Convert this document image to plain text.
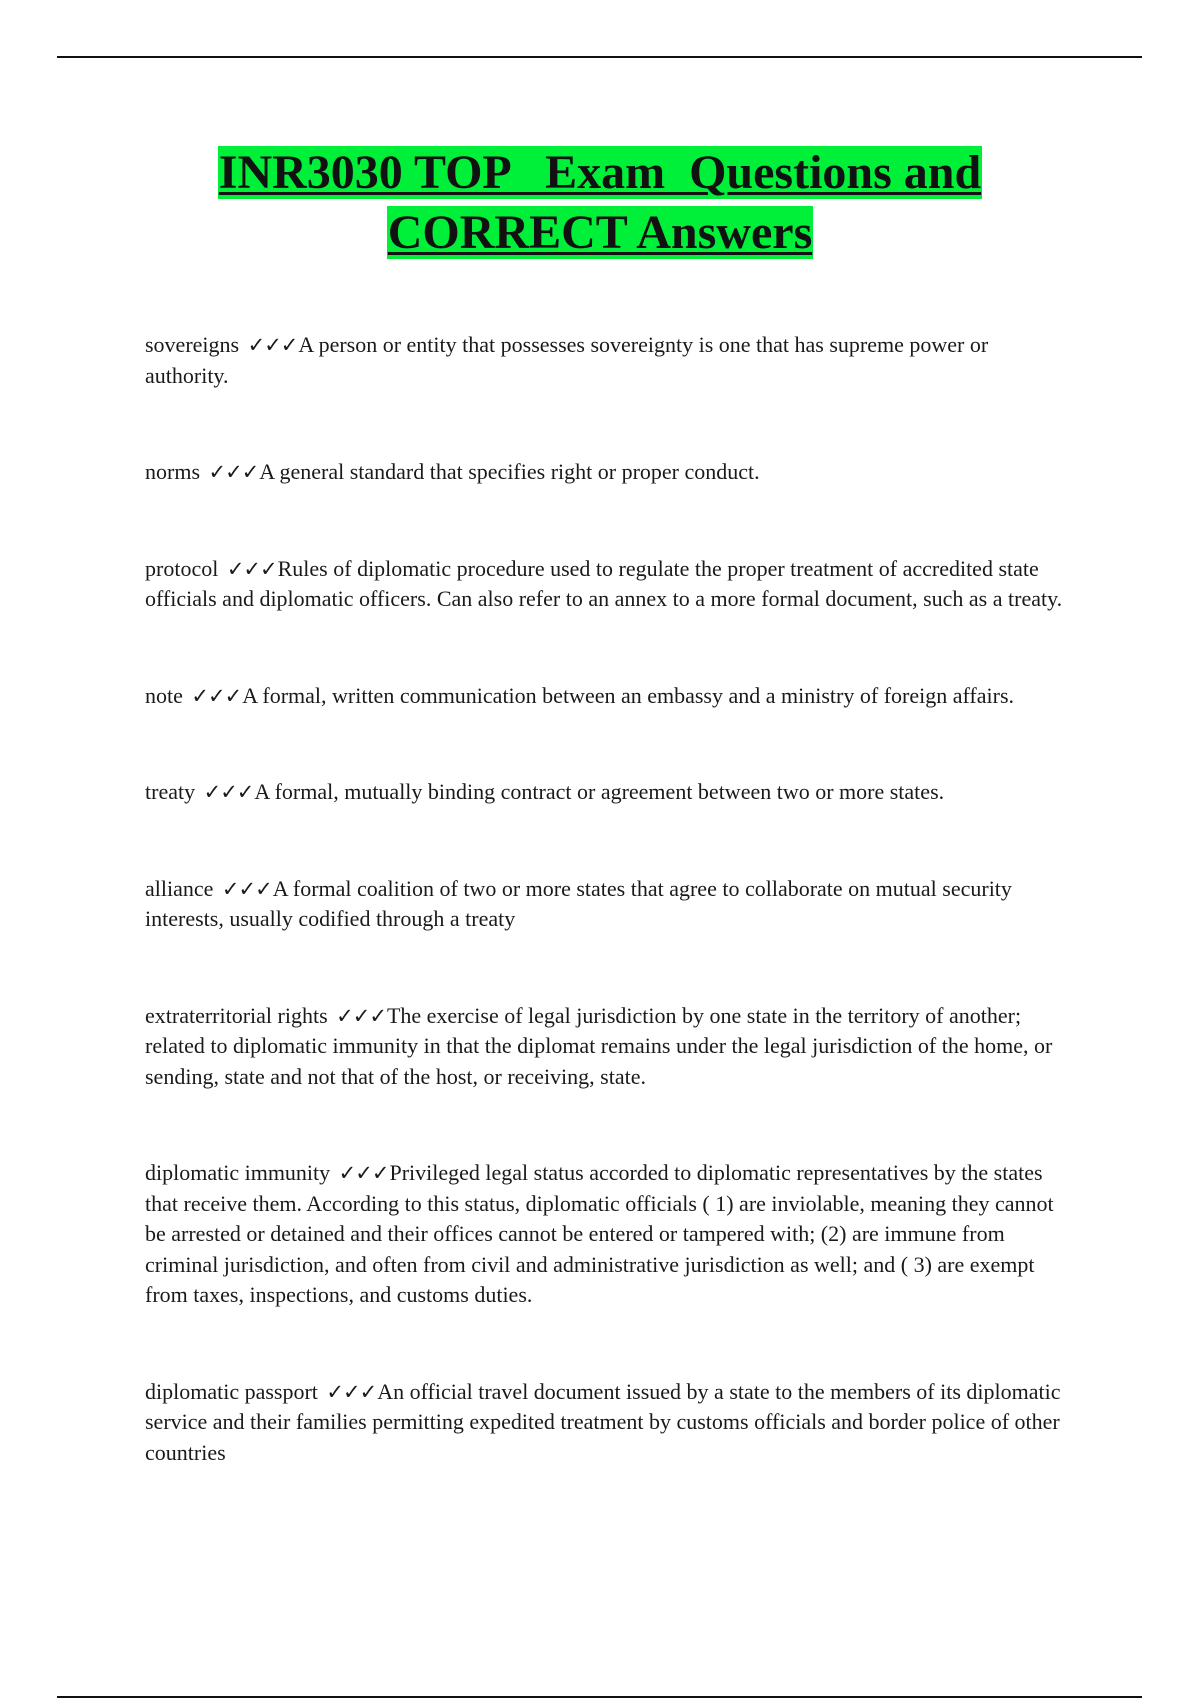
INR3030 TOP   Exam  Questions and
CORRECT Answers

sovereigns ✓✓✓A person or entity that possesses sovereignty is one that has supreme power or authority.

norms ✓✓✓A general standard that specifies right or proper conduct.

protocol ✓✓✓Rules of diplomatic procedure used to regulate the proper treatment of accredited state officials and diplomatic officers. Can also refer to an annex to a more formal document, such as a treaty.

note ✓✓✓A formal, written communication between an embassy and a ministry of foreign affairs.

treaty ✓✓✓A formal, mutually binding contract or agreement between two or more states.

alliance ✓✓✓A formal coalition of two or more states that agree to collaborate on mutual security interests, usually codified through a treaty

extraterritorial rights ✓✓✓The exercise of legal jurisdiction by one state in the territory of another; related to diplomatic immunity in that the diplomat remains under the legal jurisdiction of the home, or sending, state and not that of the host, or receiving, state.

diplomatic immunity ✓✓✓Privileged legal status accorded to diplomatic representatives by the states that receive them. According to this status, diplomatic officials ( 1) are inviolable, meaning they cannot be arrested or detained and their offices cannot be entered or tampered with; (2) are immune from criminal jurisdiction, and often from civil and administrative jurisdiction as well; and ( 3) are exempt from taxes, inspections, and customs duties.

diplomatic passport ✓✓✓An official travel document issued by a state to the members of its diplomatic service and their families permitting expedited treatment by customs officials and border police of other countries
